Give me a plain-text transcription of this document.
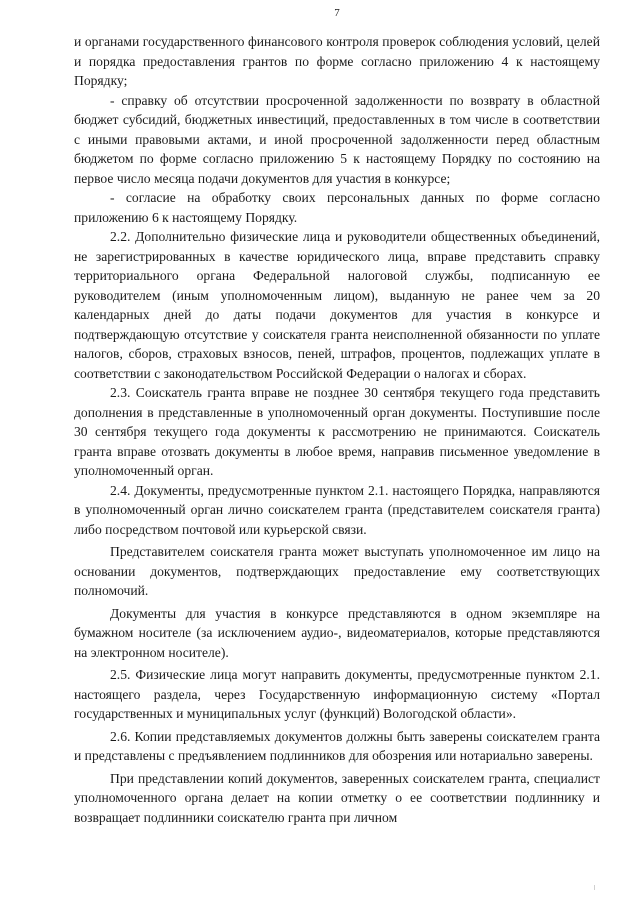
7

и органами государственного финансового контроля проверок соблюдения условий, целей и порядка предоставления грантов по форме согласно приложению 4 к настоящему Порядку;

- справку об отсутствии просроченной задолженности по возврату в областной бюджет субсидий, бюджетных инвестиций, предоставленных в том числе в соответствии с иными правовыми актами, и иной просроченной задолженности перед областным бюджетом по форме согласно приложению 5 к настоящему Порядку по состоянию на первое число месяца подачи документов для участия в конкурсе;

- согласие на обработку своих персональных данных по форме согласно приложению 6 к настоящему Порядку.

2.2. Дополнительно физические лица и руководители общественных объединений, не зарегистрированных в качестве юридического лица, вправе представить справку территориального органа Федеральной налоговой службы, подписанную ее руководителем (иным уполномоченным лицом), выданную не ранее чем за 20 календарных дней до даты подачи документов для участия в конкурсе и подтверждающую отсутствие у соискателя гранта неисполненной обязанности по уплате налогов, сборов, страховых взносов, пеней, штрафов, процентов, подлежащих уплате в соответствии с законодательством Российской Федерации о налогах и сборах.

2.3. Соискатель гранта вправе не позднее 30 сентября текущего года представить дополнения в представленные в уполномоченный орган документы. Поступившие после 30 сентября текущего года документы к рассмотрению не принимаются. Соискатель гранта вправе отозвать документы в любое время, направив письменное уведомление в уполномоченный орган.

2.4. Документы, предусмотренные пунктом 2.1. настоящего Порядка, направляются в уполномоченный орган лично соискателем гранта (представителем соискателя гранта) либо посредством почтовой или курьерской связи.

Представителем соискателя гранта может выступать уполномоченное им лицо на основании документов, подтверждающих предоставление ему соответствующих полномочий.

Документы для участия в конкурсе представляются в одном экземпляре на бумажном носителе (за исключением аудио-, видеоматериалов, которые представляются на электронном носителе).

2.5. Физические лица могут направить документы, предусмотренные пунктом 2.1. настоящего раздела, через Государственную информационную систему «Портал государственных и муниципальных услуг (функций) Вологодской области».

2.6. Копии представляемых документов должны быть заверены соискателем гранта и представлены с предъявлением подлинников для обозрения или нотариально заверены.

При представлении копий документов, заверенных соискателем гранта, специалист уполномоченного органа делает на копии отметку о ее соответствии подлиннику и возвращает подлинники соискателю гранта при личном
